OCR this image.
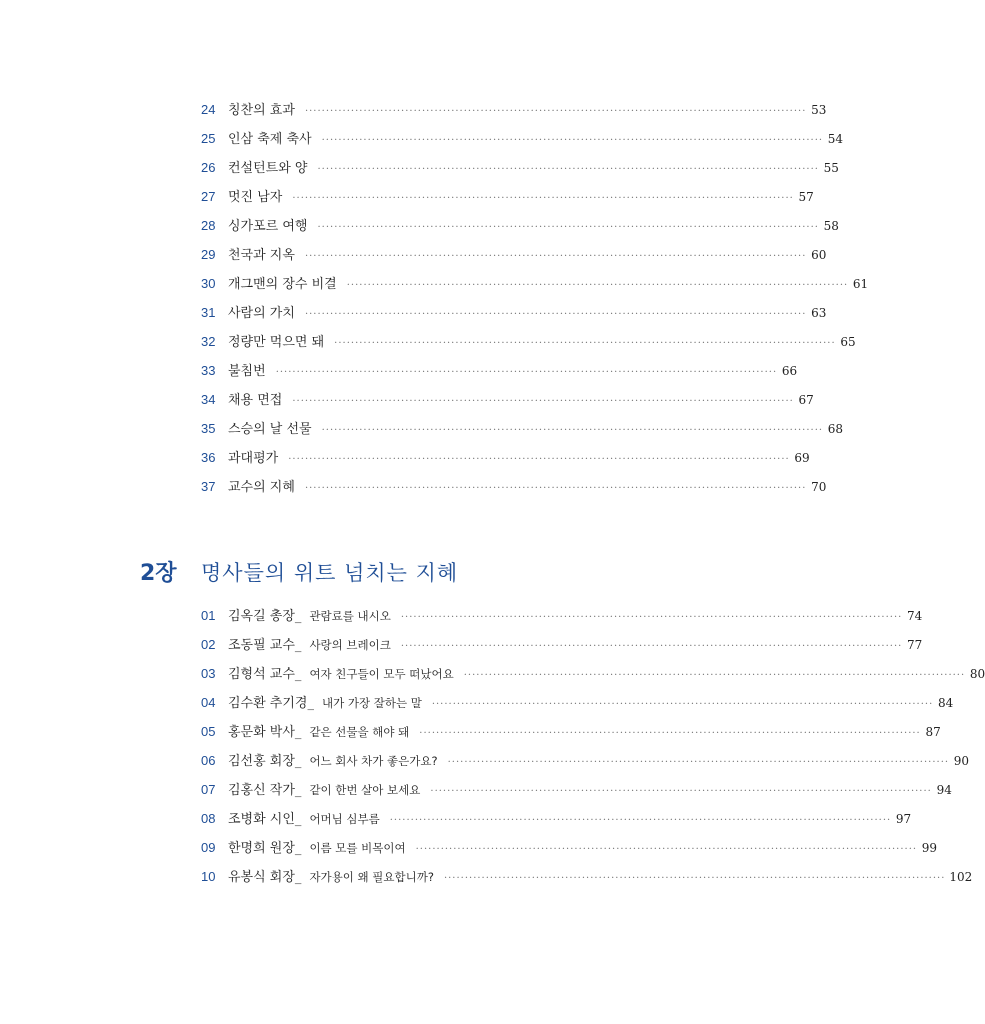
24 칭찬의 효과 ························································································································ 53
25 인삼 축제 축사 ························································································································ 54
26 컨설턴트와 양 ························································································································ 55
27 멋진 남자 ························································································································ 57
28 싱가포르 여행 ························································································································ 58
29 천국과 지옥 ························································································································ 60
30 개그맨의 장수 비결 ························································································································ 61
31 사람의 가치 ························································································································ 63
32 정량만 먹으면 돼 ························································································································ 65
33 불침번 ························································································································ 66
34 채용 면접 ························································································································ 67
35 스승의 날 선물 ························································································································ 68
36 과대평가 ························································································································ 69
37 교수의 지혜 ························································································································ 70
2장	명사들의 위트 넘치는 지혜
01 김옥길 총장_ 관람료를 내시오 ························································································································ 74
02 조동필 교수_ 사랑의 브레이크 ························································································································ 77
03 김형석 교수_ 여자 친구들이 모두 떠났어요 ························································································································ 80
04 김수환 추기경_ 내가 가장 잘하는 말 ························································································································ 84
05 홍문화 박사_ 같은 선물을 해야 돼 ························································································································ 87
06 김선홍 회장_ 어느 회사 차가 좋은가요? ························································································································ 90
07 김홍신 작가_ 같이 한번 살아 보세요 ························································································································ 94
08 조병화 시인_ 어머님 심부름 ························································································································ 97
09 한명희 원장_ 이름 모를 비목이여 ························································································································ 99
10 유봉식 회장_ 자가용이 왜 필요합니까? ························································································································ 102
